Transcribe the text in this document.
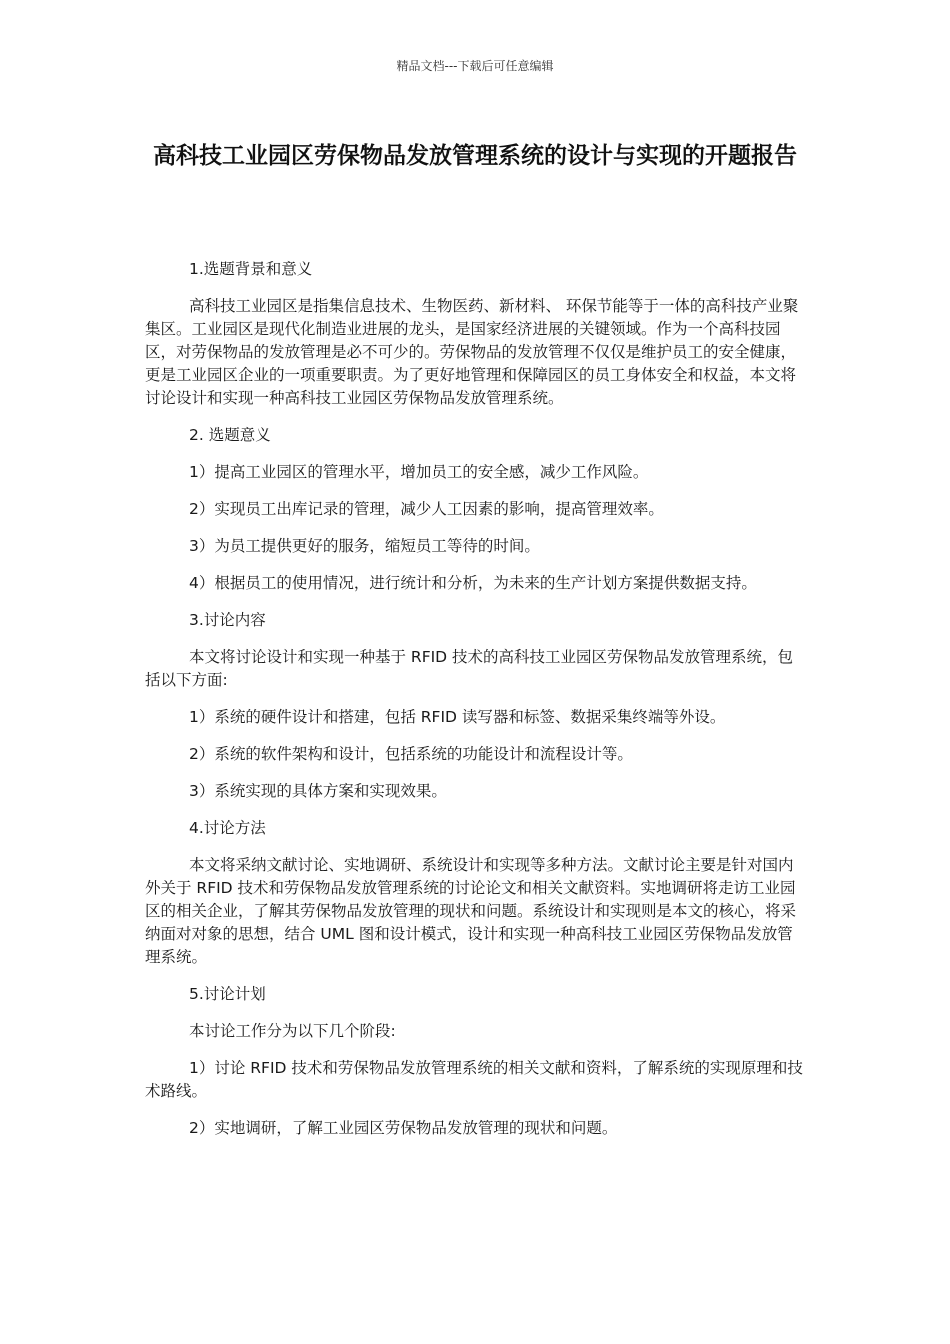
精品文档---下载后可任意编辑
高科技工业园区劳保物品发放管理系统的设计与实现的开题报告

1.选题背景和意义

高科技工业园区是指集信息技术、生物医药、新材料、 环保节能等于一体的高科技产业聚集区。工业园区是现代化制造业进展的龙头，是国家经济进展的关键领域。作为一个高科技园区，对劳保物品的发放管理是必不可少的。劳保物品的发放管理不仅仅是维护员工的安全健康，更是工业园区企业的一项重要职责。为了更好地管理和保障园区的员工身体安全和权益，本文将讨论设计和实现一种高科技工业园区劳保物品发放管理系统。

2. 选题意义

1）提高工业园区的管理水平，增加员工的安全感，减少工作风险。

2）实现员工出库记录的管理，减少人工因素的影响，提高管理效率。

3）为员工提供更好的服务，缩短员工等待的时间。

4）根据员工的使用情况，进行统计和分析，为未来的生产计划方案提供数据支持。

3.讨论内容

本文将讨论设计和实现一种基于 RFID 技术的高科技工业园区劳保物品发放管理系统，包括以下方面:

1）系统的硬件设计和搭建，包括 RFID 读写器和标签、数据采集终端等外设。

2）系统的软件架构和设计，包括系统的功能设计和流程设计等。

3）系统实现的具体方案和实现效果。

4.讨论方法

本文将采纳文献讨论、实地调研、系统设计和实现等多种方法。文献讨论主要是针对国内外关于 RFID 技术和劳保物品发放管理系统的讨论论文和相关文献资料。实地调研将走访工业园区的相关企业，了解其劳保物品发放管理的现状和问题。系统设计和实现则是本文的核心，将采纳面对对象的思想，结合 UML 图和设计模式，设计和实现一种高科技工业园区劳保物品发放管理系统。

5.讨论计划

本讨论工作分为以下几个阶段:

1）讨论 RFID 技术和劳保物品发放管理系统的相关文献和资料，了解系统的实现原理和技术路线。

2）实地调研，了解工业园区劳保物品发放管理的现状和问题。
